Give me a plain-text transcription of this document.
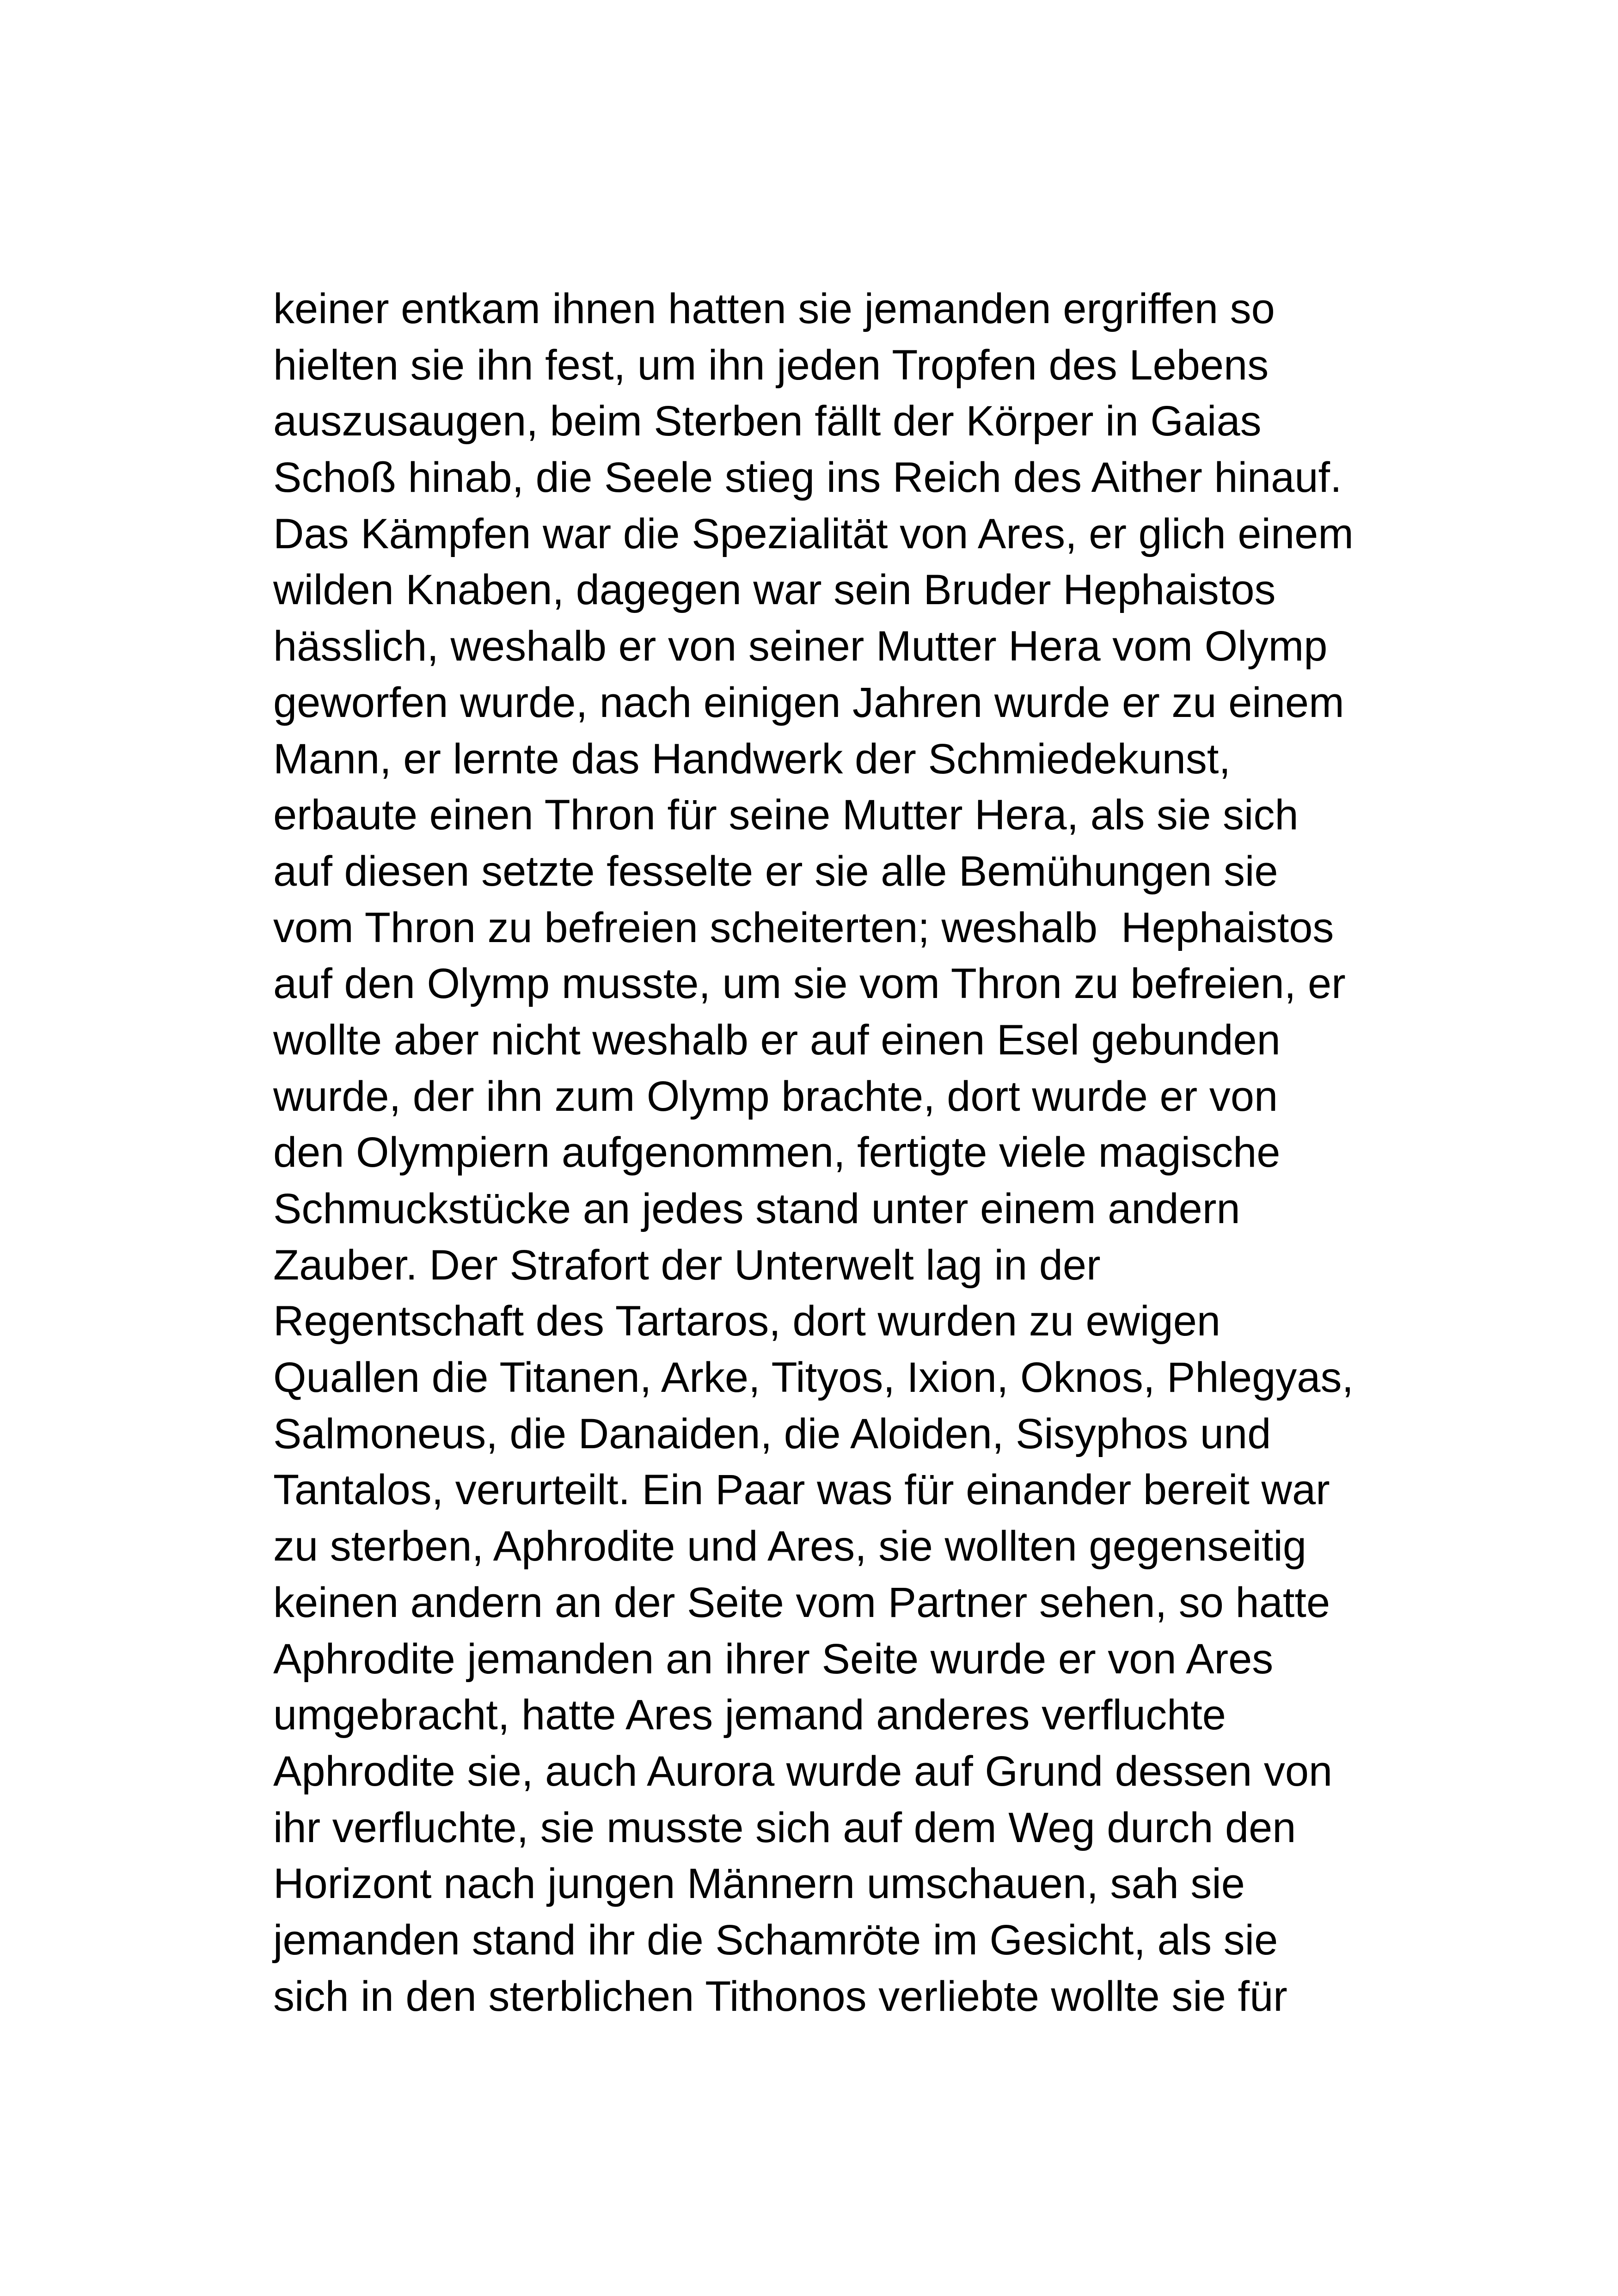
keiner entkam ihnen hatten sie jemanden ergriffen so
hielten sie ihn fest, um ihn jeden Tropfen des Lebens
auszusaugen, beim Sterben fällt der Körper in Gaias
Schoß hinab, die Seele stieg ins Reich des Aither hinauf.
Das Kämpfen war die Spezialität von Ares, er glich einem
wilden Knaben, dagegen war sein Bruder Hephaistos
hässlich, weshalb er von seiner Mutter Hera vom Olymp
geworfen wurde, nach einigen Jahren wurde er zu einem
Mann, er lernte das Handwerk der Schmiedekunst,
erbaute einen Thron für seine Mutter Hera, als sie sich
auf diesen setzte fesselte er sie alle Bemühungen sie
vom Thron zu befreien scheiterten; weshalb  Hephaistos
auf den Olymp musste, um sie vom Thron zu befreien, er
wollte aber nicht weshalb er auf einen Esel gebunden
wurde, der ihn zum Olymp brachte, dort wurde er von
den Olympiern aufgenommen, fertigte viele magische
Schmuckstücke an jedes stand unter einem andern
Zauber. Der Strafort der Unterwelt lag in der
Regentschaft des Tartaros, dort wurden zu ewigen
Quallen die Titanen, Arke, Tityos, Ixion, Oknos, Phlegyas,
Salmoneus, die Danaiden, die Aloiden, Sisyphos und
Tantalos, verurteilt. Ein Paar was für einander bereit war
zu sterben, Aphrodite und Ares, sie wollten gegenseitig
keinen andern an der Seite vom Partner sehen, so hatte
Aphrodite jemanden an ihrer Seite wurde er von Ares
umgebracht, hatte Ares jemand anderes verfluchte
Aphrodite sie, auch Aurora wurde auf Grund dessen von
ihr verfluchte, sie musste sich auf dem Weg durch den
Horizont nach jungen Männern umschauen, sah sie
jemanden stand ihr die Schamröte im Gesicht, als sie
sich in den sterblichen Tithonos verliebte wollte sie für
